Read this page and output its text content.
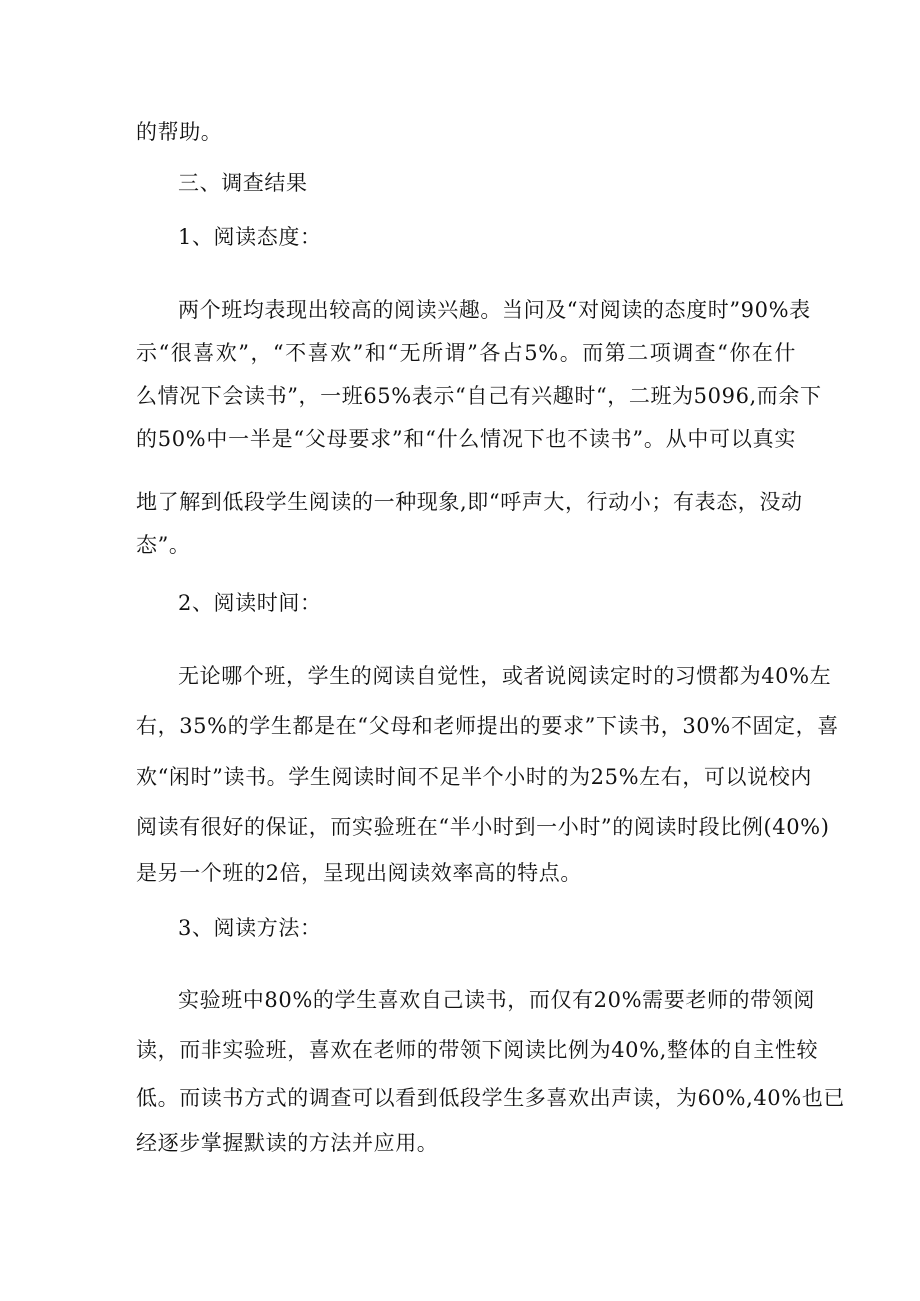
的帮助。
三、调查结果
1、阅读态度：
两个班均表现出较高的阅读兴趣。当问及“对阅读的态度时”90%表
示“很喜欢”，“不喜欢”和“无所谓”各占5%。而第二项调查“你在什
么情况下会读书”，一班65%表示“自己有兴趣时“，二班为5096,而余下
的50%中一半是“父母要求”和“什么情况下也不读书”。从中可以真实
地了解到低段学生阅读的一种现象,即“呼声大，行动小；有表态，没动
态”。
2、阅读时间：
无论哪个班，学生的阅读自觉性，或者说阅读定时的习惯都为40%左
右，35%的学生都是在“父母和老师提出的要求”下读书，30%不固定，喜
欢“闲时”读书。学生阅读时间不足半个小时的为25%左右，可以说校内
阅读有很好的保证，而实验班在“半小时到一小时”的阅读时段比例(40%)
是另一个班的2倍，呈现出阅读效率高的特点。
3、阅读方法：
实验班中80%的学生喜欢自己读书，而仅有20%需要老师的带领阅
读，而非实验班，喜欢在老师的带领下阅读比例为40%,整体的自主性较
低。而读书方式的调查可以看到低段学生多喜欢出声读，为60%,40%也已
经逐步掌握默读的方法并应用。
